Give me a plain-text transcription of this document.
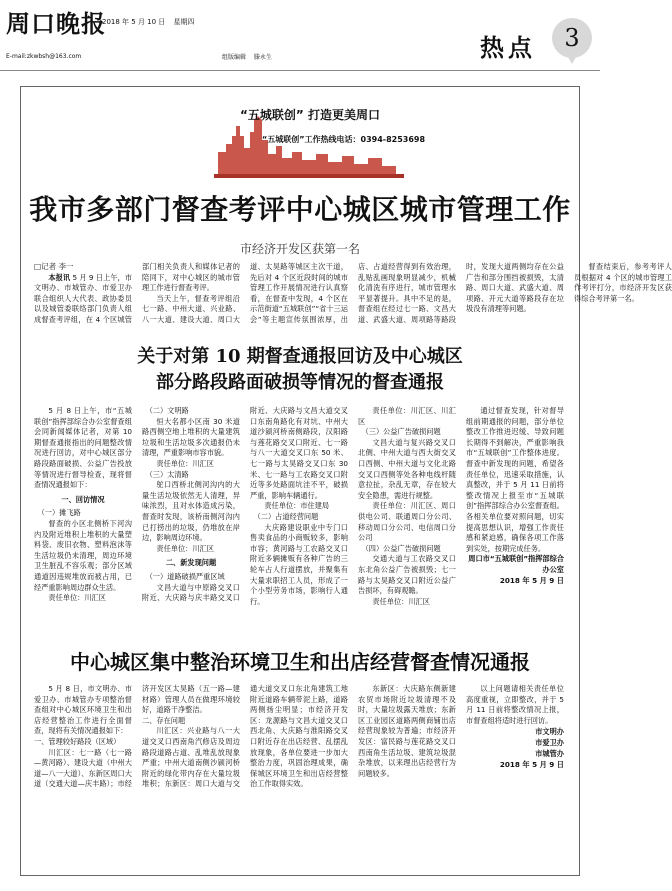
周口晚报
2018 年 5 月 10 日 星期四
E-mail:zkwbsh@163.com	组版编辑 滕永生	热点	3
“五城联创” 打造更美周口
“五城联创”工作热线电话：0394-8253698
我市多部门督查考评中心城区城市管理工作
市经济开发区获第一名

□记者 李一

本报讯 5 月 9 日上午，市文明办、市城管办、市爱卫办联合组织人大代表、政协委员以及城管委联络部门负责人组成督查考评组，在 4 个区城管部门相关负责人和媒体记者的陪同下，对中心城区的城市管理工作进行督查考评。

当天上午，督查考评组沿七一路、中州大道、兴业路、八一大道、建设大道、周口大道、太昊路等城区主次干道，先后对 4 个区近段时间的城市管理工作开展情况进行认真察看，在督查中发现，4 个区在示范街道“五城联创”“省十三运会”等主题宣传氛围浓厚，出店、占道经营得到有效治理，乱贴乱画现象明显减少，机械化清洗有序进行，城市管理水平显著提升。具中不足的是，督查组在经过七一路、文昌大道、武盛大道、周项路等路段时，发现大道两侧均存在公益广告和部分围挡被损毁，太清路、周口大道、武盛大道、周项路、开元大道等路段存在垃圾没有清理等问题。

督查结束后，参考考评人员根据对 4 个区的城市管理工作考评打分，市经济开发区获得综合考评第一名。

关于对第 10 期督查通报回访及中心城区
部分路段路面破损等情况的督查通报

5 月 8 日上午，市“五城联创”指挥部综合办公室督查组会同新闻媒体记者，对第 10 期督查通报指出的问题整改情况进行回访，对中心城区部分路段路面破损、公益广告投放等情况进行督导检查，现将督查情况通报如下：

一、回访情况

（一）摊飞路

督查的小区北侧桥下河沟内及附近堆积上堆积的大量塑料袋、废旧衣物、塑料泡沫等生活垃圾仍未清理，周边环境卫生脏乱不容乐观；部分区域通道因违规堆放而被占用，已经严重影响周边群众生活。

责任单位：川汇区

（二）文明路

恒大名都小区南 30 米道路西侧空地上堆积的大量建筑垃圾和生活垃圾多次通报仍未清理，严重影响市容市貌。

责任单位：川汇区

（三）太清路

鸵口西桥北侧河沟内的大量生活垃圾依然无人清理，异味浓烈，且对水体造成污染，督查时发现，该桥南侧河沟内已打捞出的垃圾，仍堆放在岸边，影响周边环境。

责任单位：川汇区

二、新发现问题

（一）道路破损严重区域

文昌大道与中原路交叉口附近、大庆路与庆丰路交叉口附近、大庆路与文昌大道交叉口东南角路化有对坑、中州大道沙颍河桥南侧路段，汉阳路与莲花路交叉口附近、七一路与八一大道交叉口东 50 米、七一路与太昊路交叉口东 30 米、七一路与工农路交叉口附近等多处路面坑洼不平，破损严重，影响车辆通行。

责任单位：市住建局

（二）占道经营问题

大庆路建设职业中专门口售卖食品的小商贩较多，影响市容；黄河路与工农路交叉口附近多辆摊贩有各种广告的三轮车占人行道摆放，并聚集有大量求职招工人员，形成了一个小型劳务市场，影响行人通行。

责任单位：川汇区、川汇区

（三）公益广告破损问题

文昌大道与复兴路交叉口北侧、中州大道与西大街交叉口西侧、中州大道与文化北路交叉口西侧等处各种电线杆随意拉扯，杂乱无章，存在较大安全隐患，需进行规整。

责任单位：川汇区、周口供电公司、联通周口分公司、移动周口分公司、电信周口分公司

（四）公益广告破损问题

交通大道与工农路交叉口东北角公益广告被损毁；七一路与太昊路交叉口附近公益广告损坏，有碍观瞻。

责任单位：川汇区

通过督查发现，针对督导组前期通报的问题，部分单位整改工作推进迟缓、导致问题长期得不到解决，严重影响我市“五城联创”工作整体进度。督查中新发现的问题，希望各责任单位，迅速采取措施，认真整改，并于 5 月 11 日前将整改情况上报至市“五城联创”指挥部综合办公室督查组。各相关单位要对照问题，切实提高思想认识，增强工作责任感和紧迫感，确保各项工作落到实处，按期完成任务。

周口市“五城联创”指挥部综合办公室

2018 年 5 月 9 日

中心城区集中整治环境卫生和出店经营督查情况通报

5 月 8 日，市文明办、市爱卫办、市城管办专项整治督查组对中心城区环境卫生和出店经营整治工作进行全面督查，现将有关情况通报如下：

一、管理较好路段（区域）

川汇区：七一路（七一路—黄河路）、建设大道（中州大道—八一大道）、东新区周口大道（交通大道—庆丰路）；市经济开发区太昊路（五一路—建材路）管理人员在做理环境较好，道路干净整洁。

二、存在问题

川汇区：兴业路与八一大道交叉口西南角汽修店及周边路段道路占道、乱堆乱放现象严重；中州大道南侧沙颍河桥附近的绿化带内存在大量垃圾堆积；东新区：周口大道与交通大道交叉口东北角建筑工地附近道路车辆带泥上路，道路两侧扬尘明显；市经济开发区：龙源路与文昌大道交叉口西北角、大庆路与淮阳路交叉口附近存在出店经营、乱摆乱放现象，各单位要进一步加大整治力度，巩固治理成果，确保城区环境卫生和出店经营整治工作取得实效。

东新区：大庆路东侧新建农贸市场附近垃圾清理不及时，大量垃圾露天堆放；东新区工业园区道路两侧商铺出店经营现象较为普遍；市经济开发区：富民路与莲花路交叉口西南角生活垃圾、建筑垃圾混杂堆放，以来理出店经营行为问题较多。

以上问题请相关责任单位高度重视，立即整改，并于 5 月 11 日前将整改情况上报，市督查组将适时进行回访。

市文明办

市爱卫办

市城管办

2018 年 5 月 9 日
